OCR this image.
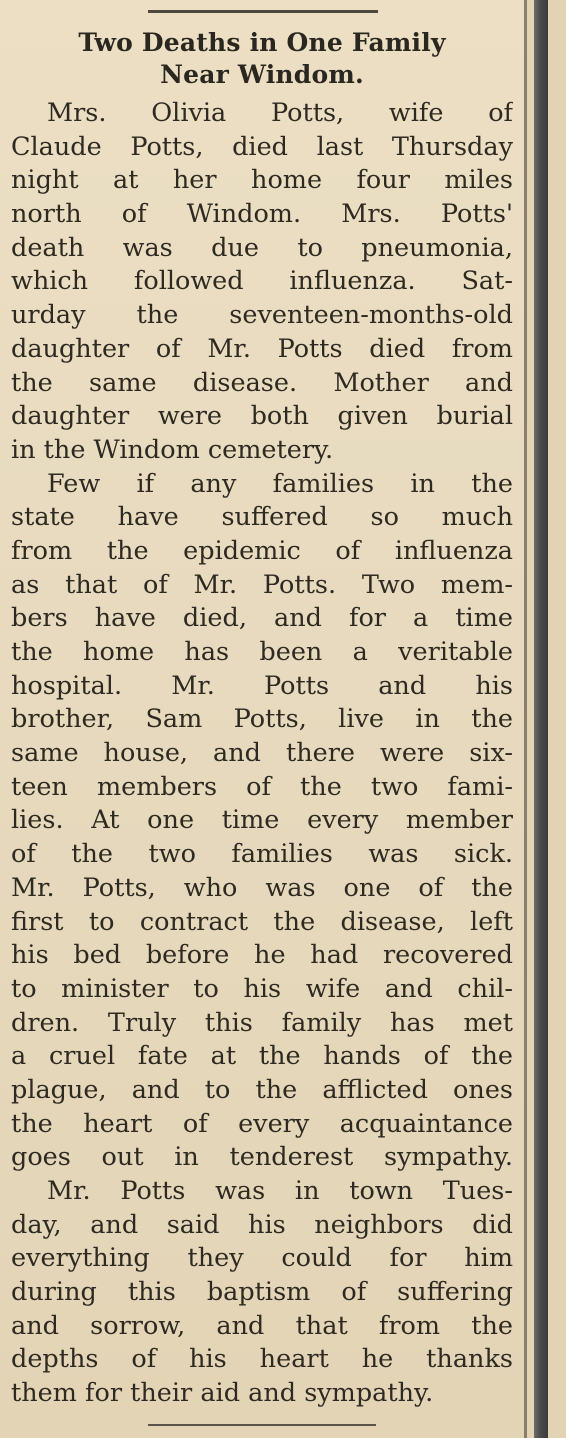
Two Deaths in One Family
Near Windom.
Mrs. Olivia Potts, wife of
Claude Potts, died last Thursday
night at her home four miles
north of Windom. Mrs. Potts'
death was due to pneumonia,
which followed influenza. Sat-
urday the seventeen-months-old
daughter of Mr. Potts died from
the same disease. Mother and
daughter were both given burial
in the Windom cemetery.
Few if any families in the
state have suffered so much
from the epidemic of influenza
as that of Mr. Potts. Two mem-
bers have died, and for a time
the home has been a veritable
hospital. Mr. Potts and his
brother, Sam Potts, live in the
same house, and there were six-
teen members of the two fami-
lies. At one time every member
of the two families was sick.
Mr. Potts, who was one of the
first to contract the disease, left
his bed before he had recovered
to minister to his wife and chil-
dren. Truly this family has met
a cruel fate at the hands of the
plague, and to the afflicted ones
the heart of every acquaintance
goes out in tenderest sympathy.
Mr. Potts was in town Tues-
day, and said his neighbors did
everything they could for him
during this baptism of suffering
and sorrow, and that from the
depths of his heart he thanks
them for their aid and sympathy.
